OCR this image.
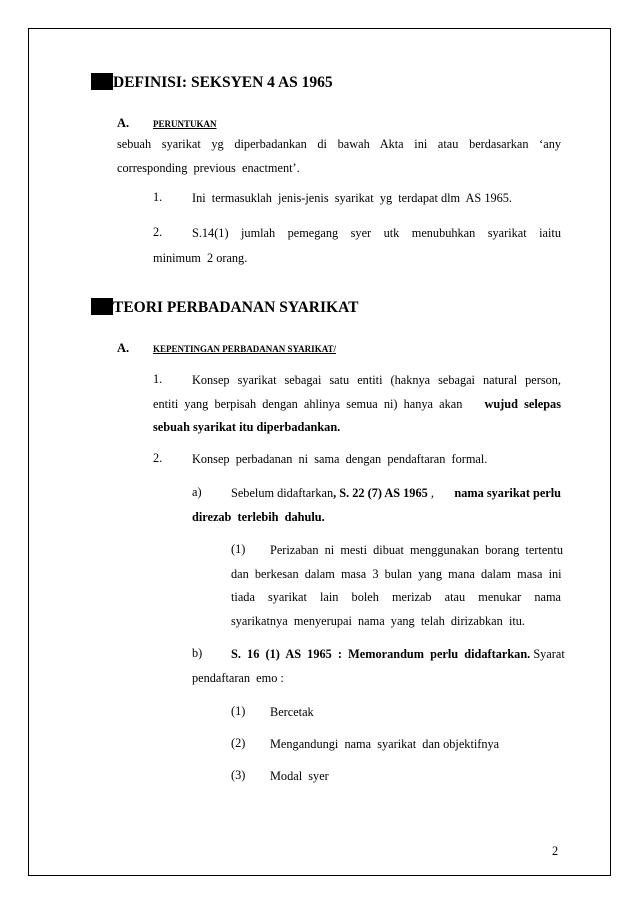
DEFINISI: SEKSYEN 4 AS 1965
A.	PERUNTUKAN
sebuah  syarikat  yg  diperbadankan  di  bawah  Akta  ini  atau  berdasarkan  ‘any
corresponding  previous  enactment’.
1. Ini  termasuklah  jenis-jenis  syarikat  yg  terdapat dlm  AS 1965.
2. S.14(1)   jumlah   pemegang   syer   utk   menubuhkan   syarikat   iaitu
minimum  2 orang.
TEORI PERBADANAN SYARIKAT
A.	KEPENTINGAN PERBADANAN SYARIKAT/
1. Konsep  syarikat  sebagai  satu  entiti  (haknya  sebagai  natural  person,
entiti  yang  berpisah  dengan  ahlinya  semua  ni)  hanya  akan wujud  selepas
sebuah syarikat itu diperbadankan.
2. Konsep  perbadanan  ni  sama  dengan  pendaftaran  formal.
a) Sebelum didaftarkan, S. 22 (7) AS 1965 , nama syarikat perlu
direzab  terlebih  dahulu.
(1) Perizaban  ni  mesti  dibuat  menggunakan  borang  tertentu
dan  berkesan  dalam  masa  3  bulan  yang  mana  dalam  masa  ini
tiada    syarikat    lain    boleh    merizab    atau    menukar    nama
syarikatnya  menyerupai  nama  yang  telah  dirizabkan  itu.
b) S.  16  (1)  AS  1965  :  Memorandum  perlu  didaftarkan. Syarat
pendaftaran  emo :
(1) Bercetak
(2) Mengandungi  nama  syarikat  dan objektifnya
(3) Modal  syer
2
